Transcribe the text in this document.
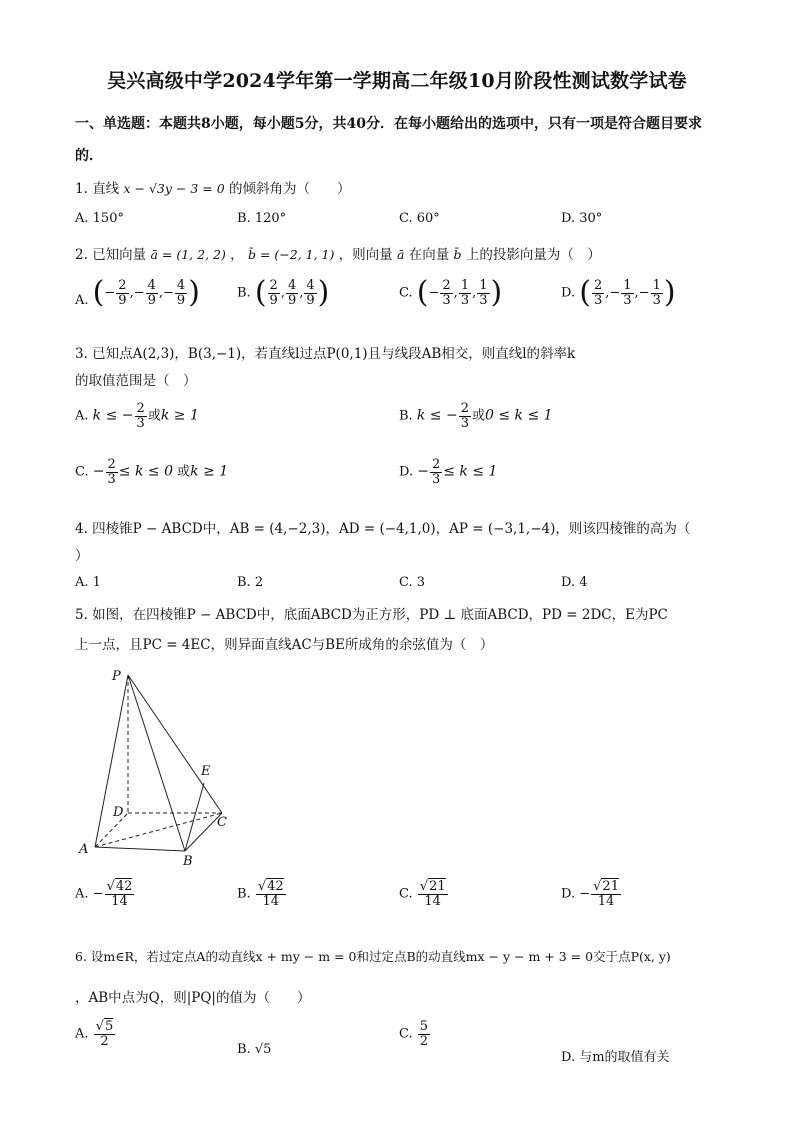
吴兴高级中学2024学年第一学期高二年级10月阶段性测试数学试卷
一、单选题：本题共8小题，每小题5分，共40分．在每小题给出的选项中，只有一项是符合题目要求的．
1. 直线 x − √3y − 3 = 0 的倾斜角为（　　）
A. 150°	B. 120°	C. 60°	D. 30°
2. 已知向量 ā = (1, 2, 2) ， b̄ = (−2, 1, 1) ，则向量 ā 在向量 b̄ 上的投影向量为（　）
A. (− $\frac{2}{9}$ ,− $\frac{4}{9}$ ,− $\frac{4}{9}$ )	B. ( $\frac{2}{9}$ , $\frac{4}{9}$ , $\frac{4}{9}$ )	C. (− $\frac{2}{3}$ , $\frac{1}{3}$ , $\frac{1}{3}$ )	D. ( $\frac{2}{3}$ ,− $\frac{1}{3}$ ,− $\frac{1}{3}$ )
3. 已知点A(2,3)，B(3,−1)，若直线l过点P(0,1)且与线段AB相交，则直线l的斜率k
的取值范围是（　）
A. k ≤ − $\frac{2}{3}$ 或k ≥ 1	B. k ≤ − $\frac{2}{3}$ 或0 ≤ k ≤ 1
C. − $\frac{2}{3} \le k \le 0$ 或k ≥ 1	D. − $\frac{2}{3} \le k \le 1$
4. 四棱锥P − ABCD中，AB = (4,−2,3)，AD = (−4,1,0)，AP = (−3,1,−4)，则该四棱锥的高为（
）
A. 1	B. 2	C. 3	D. 4
5. 如图，在四棱锥P − ABCD中，底面ABCD为正方形，PD ⊥ 底面ABCD，PD = 2DC，E为PC
上一点，且PC = 4EC，则异面直线AC与BE所成角的余弦值为（　）
P
E
D
C
A
B
A. − $\frac{√42}{14}$	B. $\frac{√42}{14}$	C. $\frac{√21}{14}$	D. − $\frac{√21}{14}$
6. 设m∈R，若过定点A的动直线x + my − m = 0和过定点B的动直线mx − y − m + 3 = 0交于点P(x, y)
，AB中点为Q，则|PQ|的值为（　　）
A. $\frac{√5}{2}$
B. √5
C. $\frac{5}{2}$
D. 与m的取值有关
